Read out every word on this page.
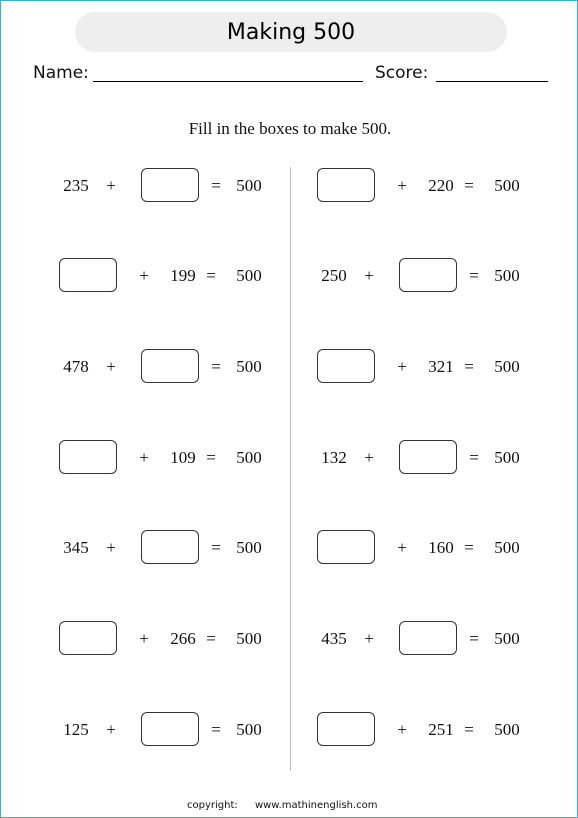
Making 500
Name:	Score:
Fill in the boxes to make 500.
235	+	= 500
199
+	=	500
478	+	= 500
109
+	=	500
345	+	= 500
266
+	=	500
125	+	= 500
220
+	=	500
250	+	= 500
321
+	=	500
132	+	= 500
160
+	=	500
435	+	= 500
251
+	=	500
copyright: www.mathinenglish.com
